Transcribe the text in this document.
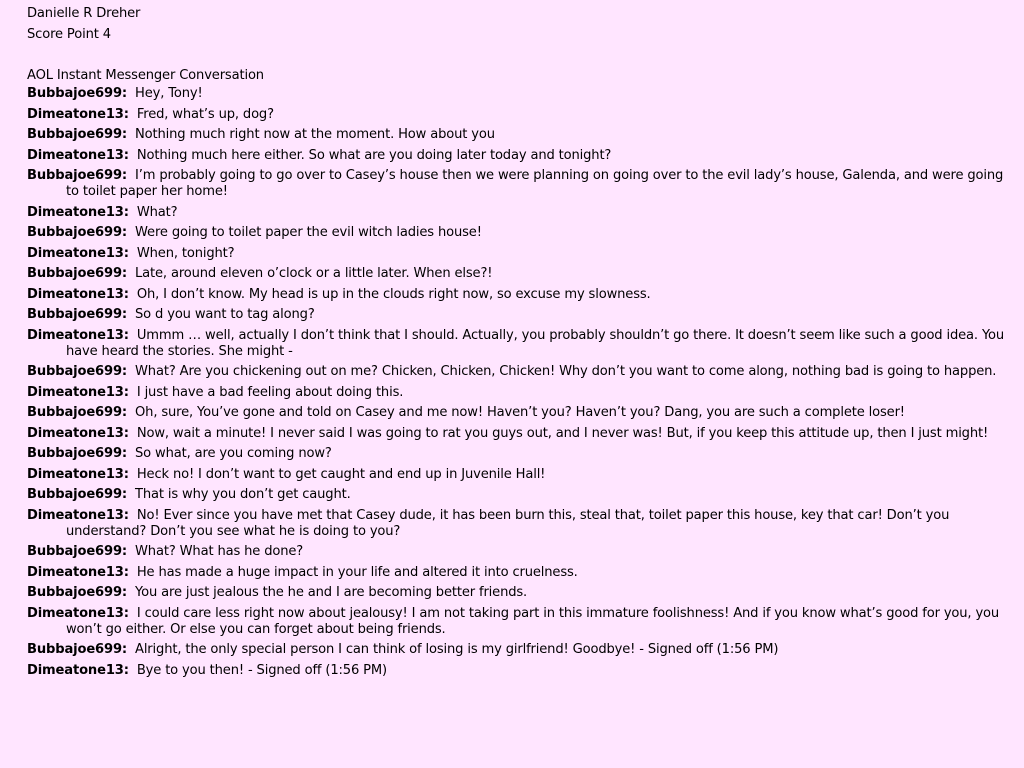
Danielle R Dreher
Score Point 4
AOL Instant Messenger Conversation
Bubbajoe699: Hey, Tony!
Dimeatone13: Fred, what’s up, dog?
Bubbajoe699: Nothing much right now at the moment. How about you
Dimeatone13: Nothing much here either. So what are you doing later today and tonight?
Bubbajoe699: I’m probably going to go over to Casey’s house then we were planning on going over to the evil lady’s house, Galenda, and were going to toilet paper her home!
Dimeatone13: What?
Bubbajoe699: Were going to toilet paper the evil witch ladies house!
Dimeatone13: When, tonight?
Bubbajoe699: Late, around eleven o’clock or a little later. When else?!
Dimeatone13: Oh, I don’t know. My head is up in the clouds right now, so excuse my slowness.
Bubbajoe699: So d you want to tag along?
Dimeatone13: Ummm … well, actually I don’t think that I should. Actually, you probably shouldn’t go there. It doesn’t seem like such a good idea. You have heard the stories. She might -
Bubbajoe699: What? Are you chickening out on me? Chicken, Chicken, Chicken! Why don’t you want to come along, nothing bad is going to happen.
Dimeatone13: I just have a bad feeling about doing this.
Bubbajoe699: Oh, sure, You’ve gone and told on Casey and me now! Haven’t you? Haven’t you? Dang, you are such a complete loser!
Dimeatone13: Now, wait a minute! I never said I was going to rat you guys out, and I never was! But, if you keep this attitude up, then I just might!
Bubbajoe699: So what, are you coming now?
Dimeatone13: Heck no! I don’t want to get caught and end up in Juvenile Hall!
Bubbajoe699: That is why you don’t get caught.
Dimeatone13: No! Ever since you have met that Casey dude, it has been burn this, steal that, toilet paper this house, key that car! Don’t you understand? Don’t you see what he is doing to you?
Bubbajoe699: What? What has he done?
Dimeatone13: He has made a huge impact in your life and altered it into cruelness.
Bubbajoe699: You are just jealous the he and I are becoming better friends.
Dimeatone13: I could care less right now about jealousy! I am not taking part in this immature foolishness! And if you know what’s good for you, you won’t go either. Or else you can forget about being friends.
Bubbajoe699: Alright, the only special person I can think of losing is my girlfriend! Goodbye! - Signed off (1:56 PM)
Dimeatone13: Bye to you then! - Signed off (1:56 PM)
